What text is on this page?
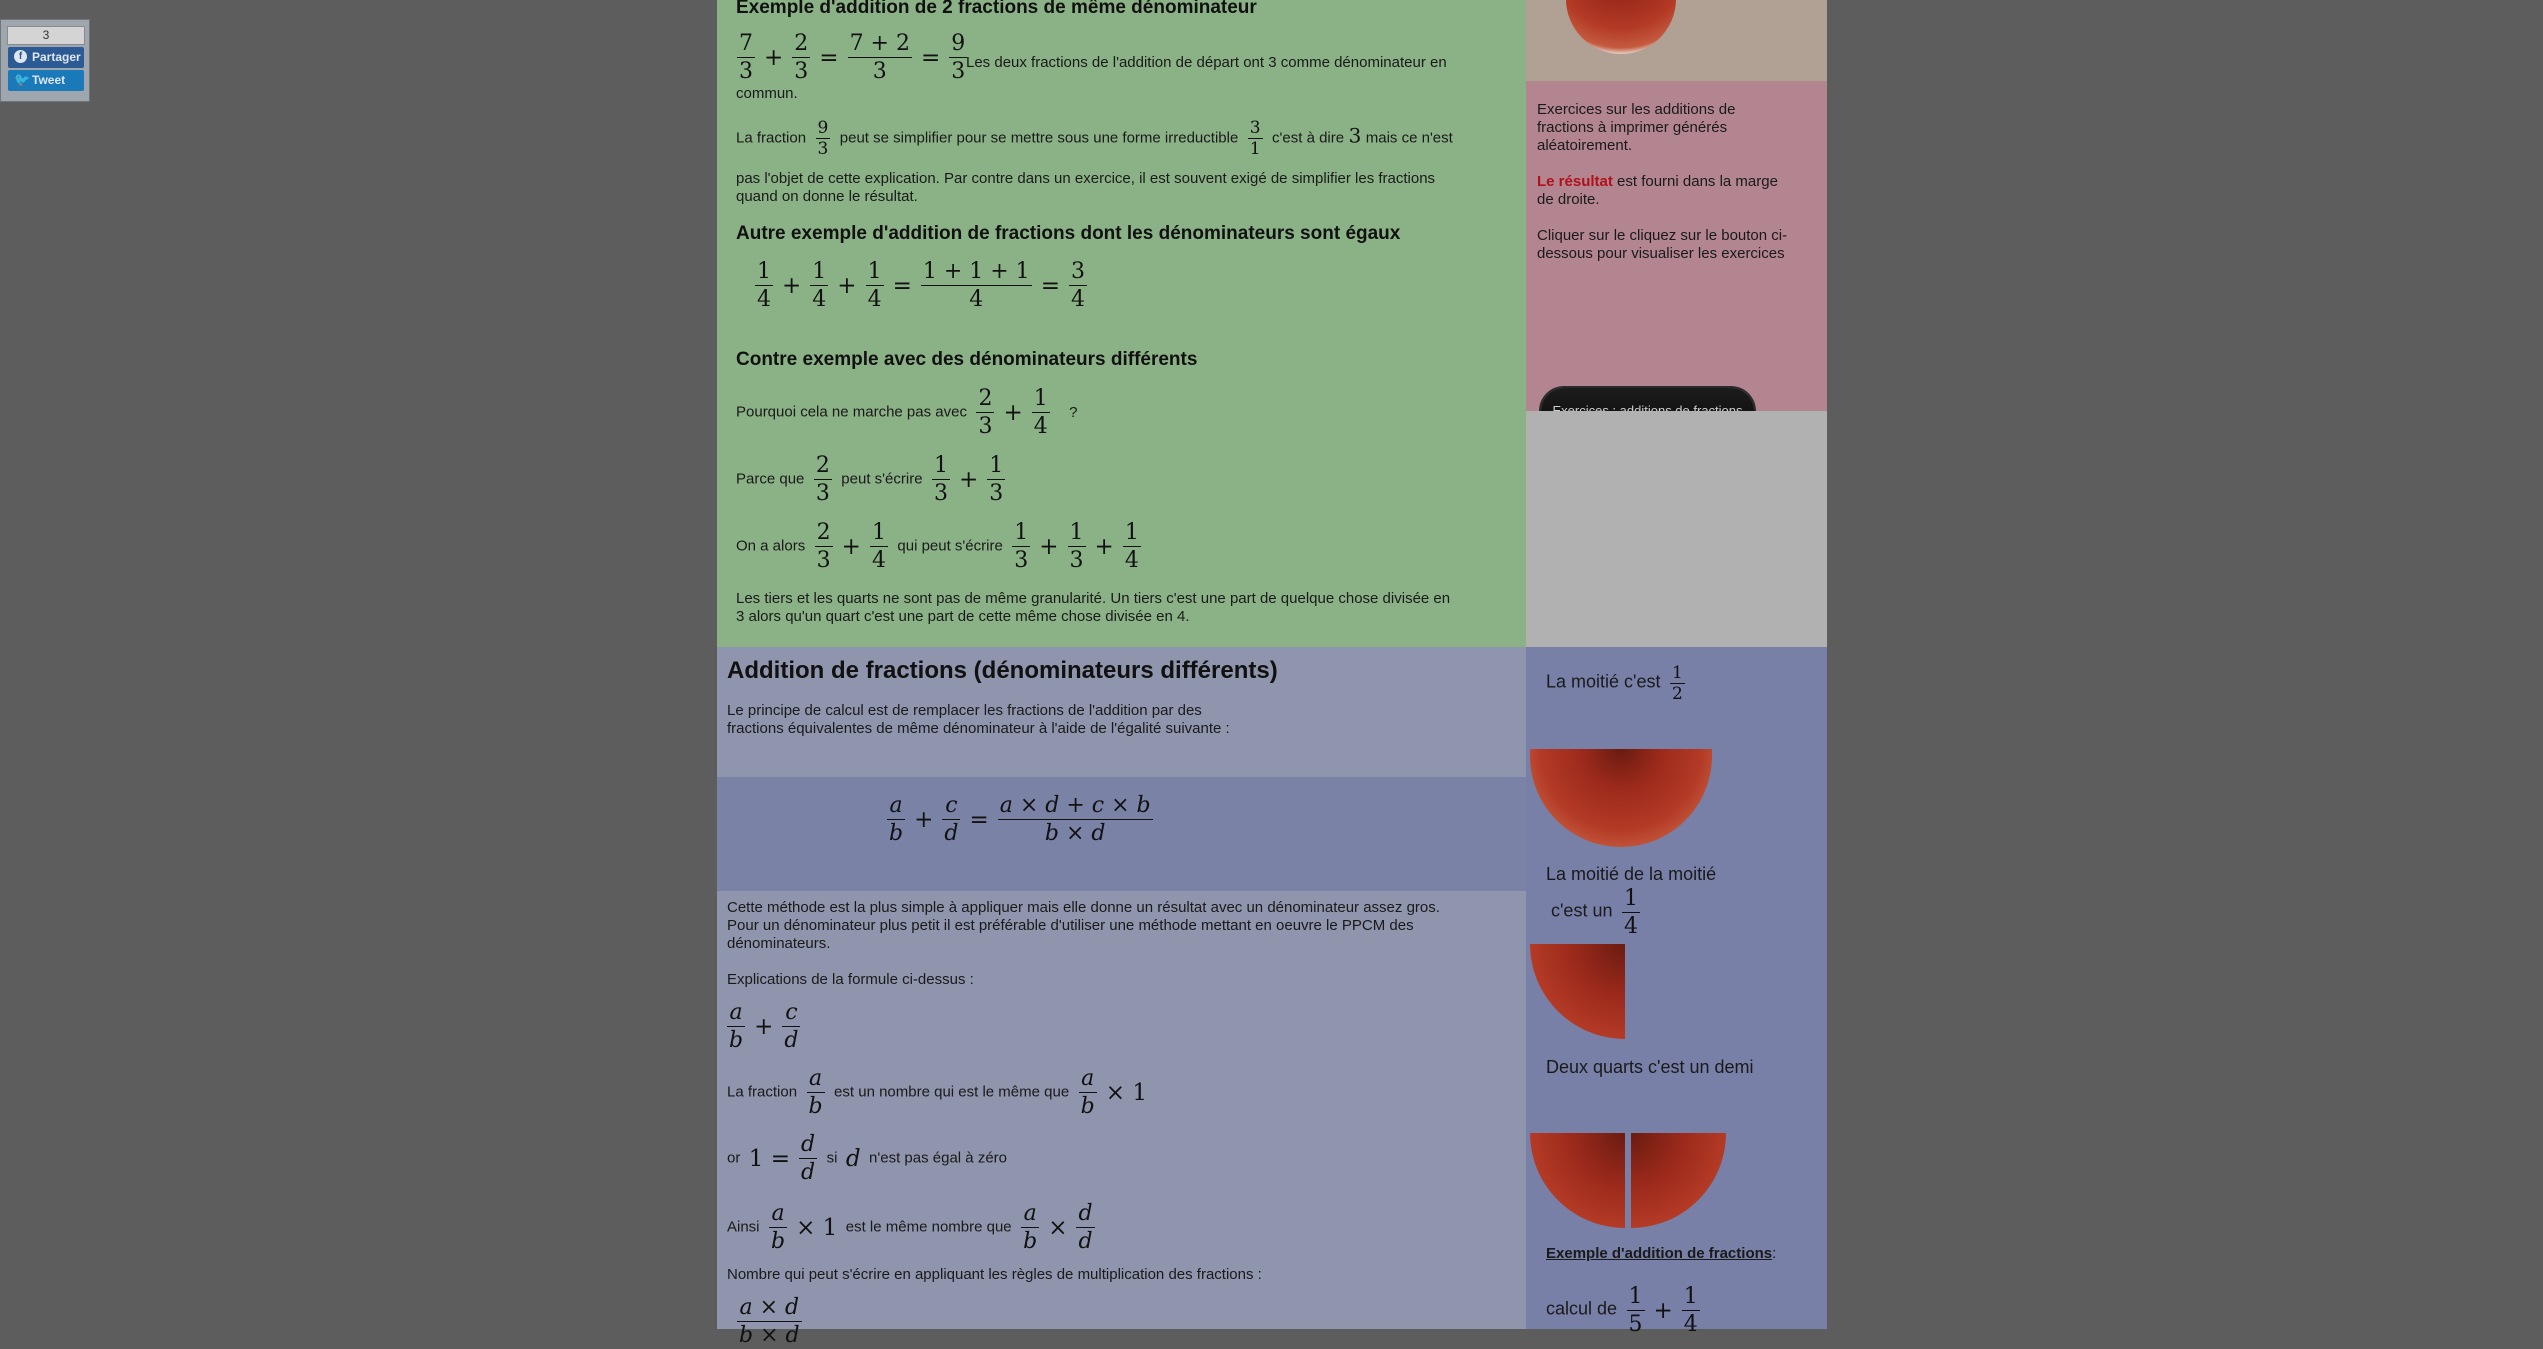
3
f Partager
🐦 Tweet
Exemple d'addition de 2 fractions de même dénominateur
$\frac{7}{3} + \frac{2}{3} = \frac{7 + 2}{3} = \frac{9}{3}$
Les deux fractions de l'addition de départ ont 3 comme dénominateur en
commun.
La fraction $\frac{9}{3}$ peut se simplifier pour se mettre sous une forme irreductible $\frac{3}{1} c'est$ à dire 3 mais ce n'est
pas l'objet de cette explication. Par contre dans un exercice, il est souvent exigé de simplifier les fractions
quand on donne le résultat.
Autre exemple d'addition de fractions dont les dénominateurs sont égaux
$\frac{1}{4} + \frac{1}{4} + \frac{1}{4} = \frac{1 + 1 + 1}{4} = \frac{3}{4}$
Contre exemple avec des dénominateurs différents
Pourquoi cela ne marche pas avec $\frac{2}{3} + \frac{1}{4}$ ?
Parce que $\frac{2}{3}$ peut s'écrire $\frac{1}{3} + \frac{1}{3}$
On a alors $\frac{2}{3} + \frac{1}{4}$ qui peut s'écrire $\frac{1}{3} + \frac{1}{3} + \frac{1}{4}$
Les tiers et les quarts ne sont pas de même granularité. Un tiers c'est une part de quelque chose divisée en
3 alors qu'un quart c'est une part de cette même chose divisée en 4.
Addition de fractions (dénominateurs différents)
Le principe de calcul est de remplacer les fractions de l'addition par des
fractions équivalentes de même dénominateur à l'aide de l'égalité suivante :
$\frac{a}{b} + \frac{c}{d} = \frac{a \times d + c \times b}{b \times d}$
Cette méthode est la plus simple à appliquer mais elle donne un résultat avec un dénominateur assez gros.
Pour un dénominateur plus petit il est préférable d'utiliser une méthode mettant en oeuvre le PPCM des
dénominateurs.
Explications de la formule ci-dessus :
$\frac{a}{b} + \frac{c}{d}$
La fraction $\frac{a}{b}$ est un nombre qui est le même que $\frac{a}{b} \times 1$
or $1 = \frac{d}{d}$ si d n'est pas égal à zéro
Ainsi $\frac{a}{b} \times 1$ est le même nombre que $\frac{a}{b} \times \frac{d}{d}$
Nombre qui peut s'écrire en appliquant les règles de multiplication des fractions :
$\frac{a \times d}{b \times d}$
Exercices sur les additions de
fractions à imprimer générés
aléatoirement.
Le résultat est fourni dans la marge
de droite.
Cliquer sur le cliquez sur le bouton ci-
dessous pour visualiser les exercices
La moitié $c'est \frac{1}{2}$
La moitié de la moitié
c'est un $\frac{1}{4}$
Deux quarts c'est un demi
Exemple d'addition de fractions:
calcul de $\frac{1}{5} + \frac{1}{4}$
